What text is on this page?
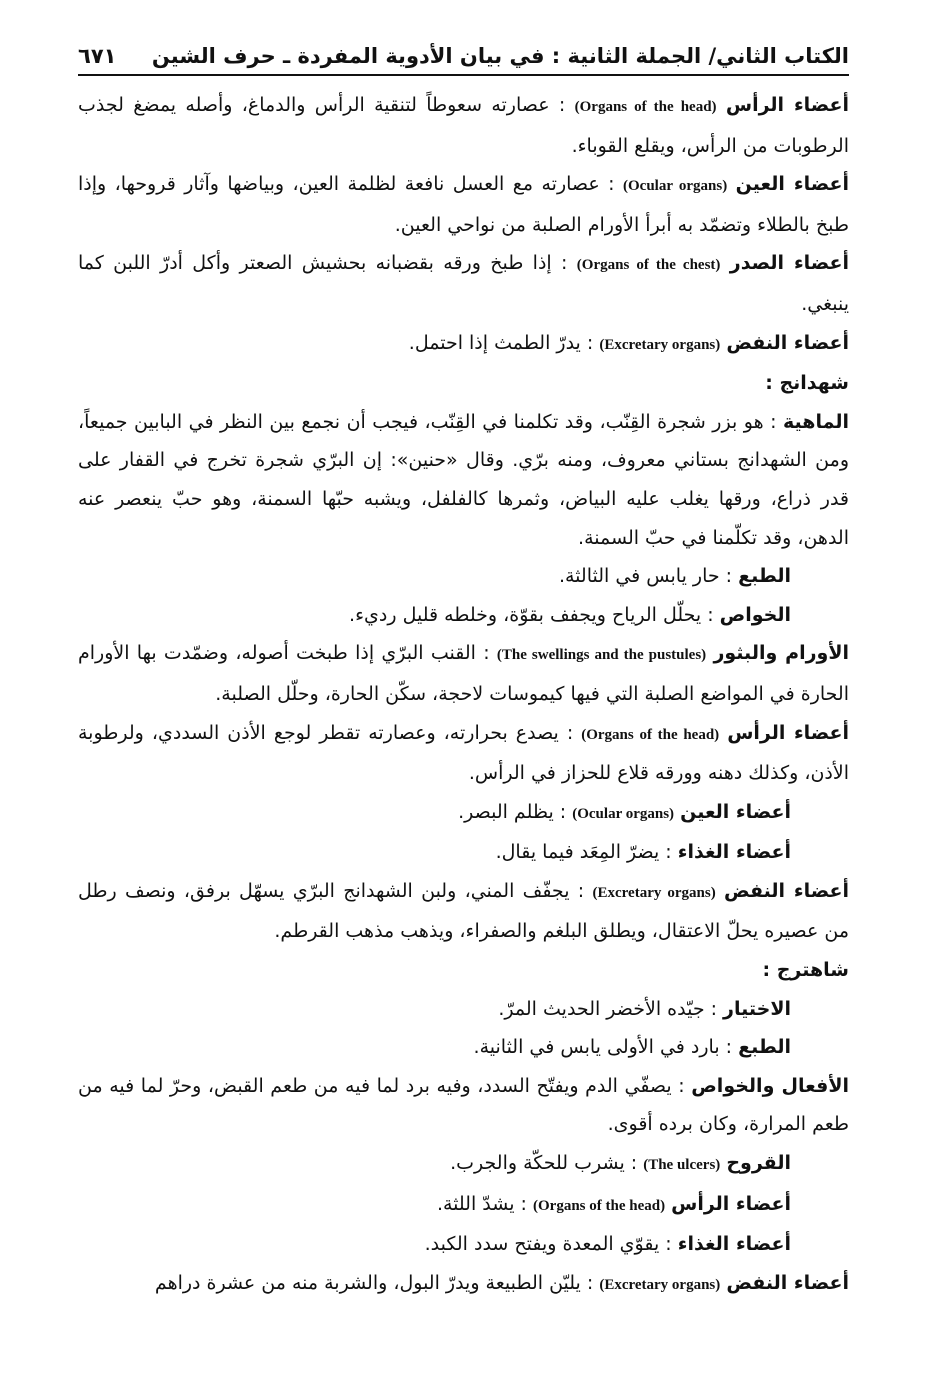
٦٧١ الكتاب الثاني/ الجملة الثانية : في بيان الأدوية المفردة ـ حرف الشين

أعضاء الرأس (Organs of the head) : عصارته سعوطاً لتنقية الرأس والدماغ، وأصله يمضغ لجذب الرطوبات من الرأس، ويقلع القوباء.

أعضاء العين (Ocular organs) : عصارته مع العسل نافعة لظلمة العين، وبياضها وآثار قروحها، وإذا طبخ بالطلاء وتضمّد به أبرأ الأورام الصلبة من نواحي العين.

أعضاء الصدر (Organs of the chest) : إذا طبخ ورقه بقضبانه بحشيش الصعتر وأكل أدرّ اللبن كما ينبغي.

أعضاء النفض (Excretary organs) : يدرّ الطمث إذا احتمل.

شهدانج :

الماهية : هو بزر شجرة القِنّب، وقد تكلمنا في القِنّب، فيجب أن نجمع بين النظر في البابين جميعاً، ومن الشهدانج بستاني معروف، ومنه برّي. وقال «حنين»: إن البرّي شجرة تخرج في القفار على قدر ذراع، ورقها يغلب عليه البياض، وثمرها كالفلفل، ويشبه حبّها السمنة، وهو حبّ ينعصر عنه الدهن، وقد تكلّمنا في حبّ السمنة.

الطبع : حار يابس في الثالثة.

الخواص : يحلّل الرياح ويجفف بقوّة، وخلطه قليل رديء.

الأورام والبثور (The swellings and the pustules) : القنب البرّي إذا طبخت أصوله، وضمّدت بها الأورام الحارة في المواضع الصلبة التي فيها كيموسات لاحجة، سكّن الحارة، وحلّل الصلبة.

أعضاء الرأس (Organs of the head) : يصدع بحرارته، وعصارته تقطر لوجع الأذن السددي، ولرطوبة الأذن، وكذلك دهنه وورقه قلاع للحزاز في الرأس.

أعضاء العين (Ocular organs) : يظلم البصر.

أعضاء الغذاء : يضرّ المِعَد فيما يقال.

أعضاء النفض (Excretary organs) : يجفّف المني، ولبن الشهدانج البرّي يسهّل برفق، ونصف رطل من عصيره يحلّ الاعتقال، ويطلق البلغم والصفراء، ويذهب مذهب القرطم.

شاهترج :

الاختيار : جيّده الأخضر الحديث المرّ.

الطبع : بارد في الأولى يابس في الثانية.

الأفعال والخواص : يصفّي الدم ويفتّح السدد، وفيه برد لما فيه من طعم القبض، وحرّ لما فيه من طعم المرارة، وكان برده أقوى.

القروح (The ulcers) : يشرب للحكّة والجرب.

أعضاء الرأس (Organs of the head) : يشدّ اللثة.

أعضاء الغذاء : يقوّي المعدة ويفتح سدد الكبد.

أعضاء النفض (Excretary organs) : يليّن الطبيعة ويدرّ البول، والشربة منه من عشرة دراهم
